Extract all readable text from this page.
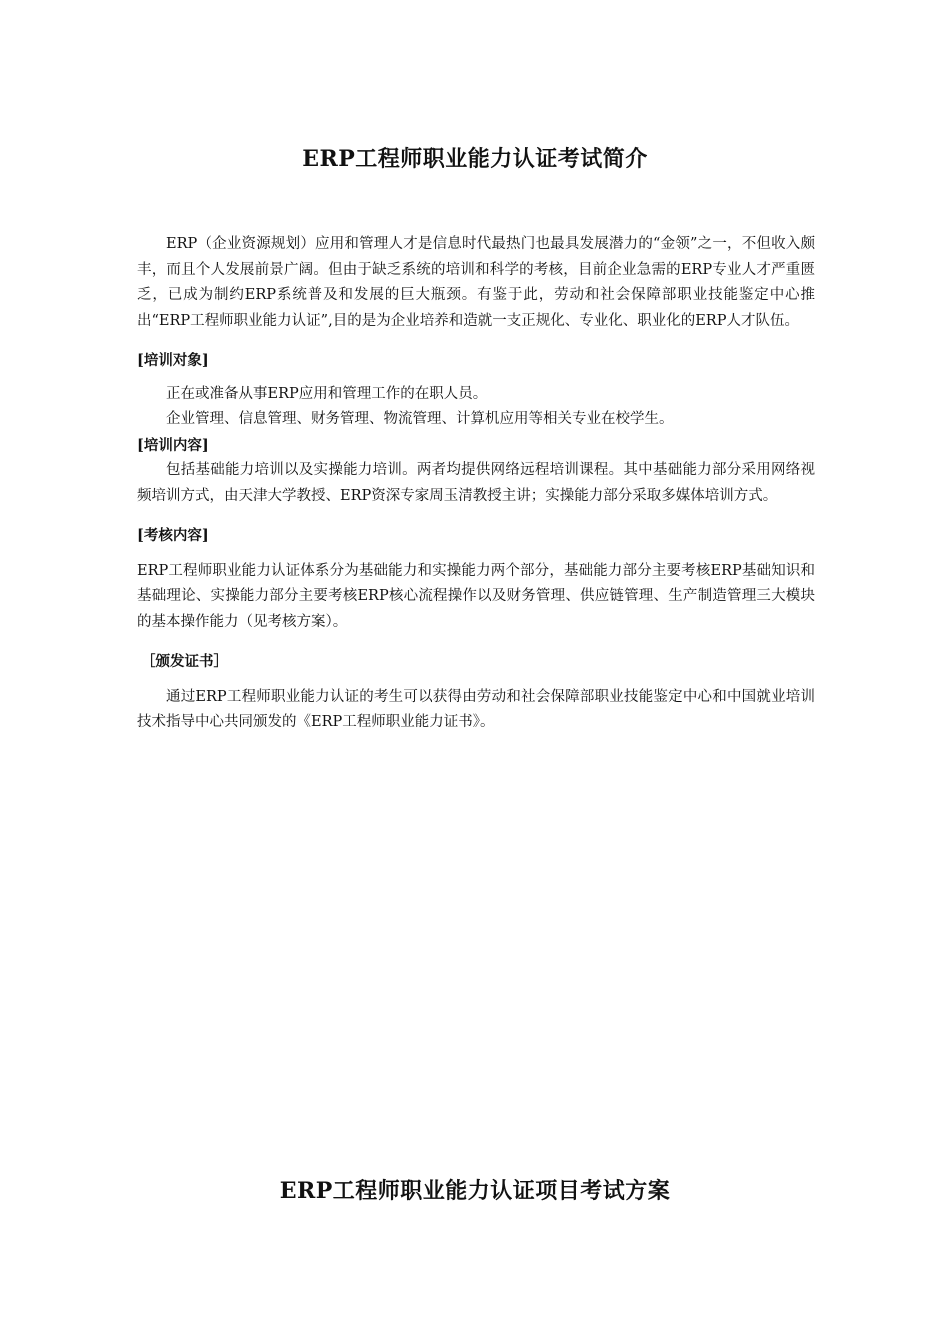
ERP工程师职业能力认证考试简介

ERP（企业资源规划）应用和管理人才是信息时代最热门也最具发展潜力的“金领”之一，不但收入颇丰，而且个人发展前景广阔。但由于缺乏系统的培训和科学的考核，目前企业急需的ERP专业人才严重匮乏，已成为制约ERP系统普及和发展的巨大瓶颈。有鉴于此，劳动和社会保障部职业技能鉴定中心推出“ERP工程师职业能力认证”,目的是为企业培养和造就一支正规化、专业化、职业化的ERP人才队伍。

[培训对象]

正在或准备从事ERP应用和管理工作的在职人员。

企业管理、信息管理、财务管理、物流管理、计算机应用等相关专业在校学生。

[培训内容]

包括基础能力培训以及实操能力培训。两者均提供网络远程培训课程。其中基础能力部分采用网络视频培训方式，由天津大学教授、ERP资深专家周玉清教授主讲；实操能力部分采取多媒体培训方式。

[考核内容]

ERP工程师职业能力认证体系分为基础能力和实操能力两个部分，基础能力部分主要考核ERP基础知识和基础理论、实操能力部分主要考核ERP核心流程操作以及财务管理、供应链管理、生产制造管理三大模块的基本操作能力（见考核方案）。

［颁发证书］

通过ERP工程师职业能力认证的考生可以获得由劳动和社会保障部职业技能鉴定中心和中国就业培训技术指导中心共同颁发的《ERP工程师职业能力证书》。

ERP工程师职业能力认证项目考试方案
